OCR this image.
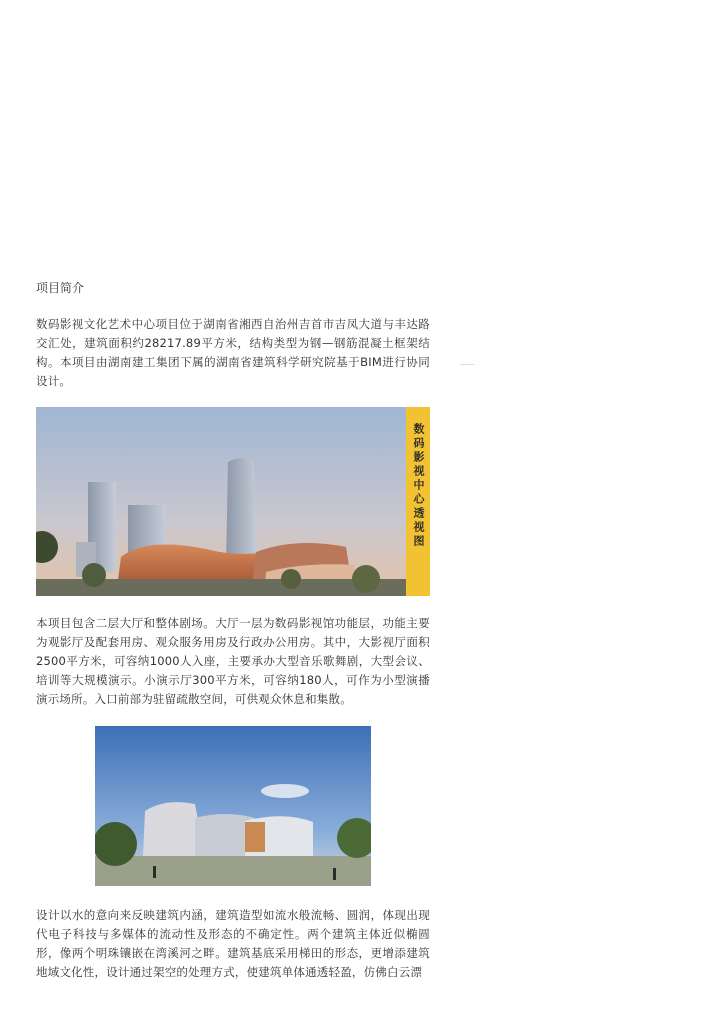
项目简介

数码影视文化艺术中心项目位于湖南省湘西自治州吉首市吉凤大道与丰达路交汇处，建筑面积约28217.89平方米，结构类型为钢—钢筋混凝土框架结构。本项目由湖南建工集团下属的湖南省建筑科学研究院基于BIM进行协同设计。

数码影视中心透视图

本项目包含二层大厅和整体剧场。大厅一层为数码影视馆功能层，功能主要为观影厅及配套用房、观众服务用房及行政办公用房。其中，大影视厅面积2500平方米，可容纳1000人入座，主要承办大型音乐歌舞剧，大型会议、培训等大规模演示。小演示厅300平方米，可容纳180人，可作为小型演播演示场所。入口前部为驻留疏散空间，可供观众休息和集散。

设计以水的意向来反映建筑内涵，建筑造型如流水般流畅、圆润，体现出现代电子科技与多媒体的流动性及形态的不确定性。两个建筑主体近似椭圆形，像两个明珠镶嵌在湾溪河之畔。建筑基底采用梯田的形态，更增添建筑地域文化性，设计通过架空的处理方式，使建筑单体通透轻盈，仿佛白云漂
